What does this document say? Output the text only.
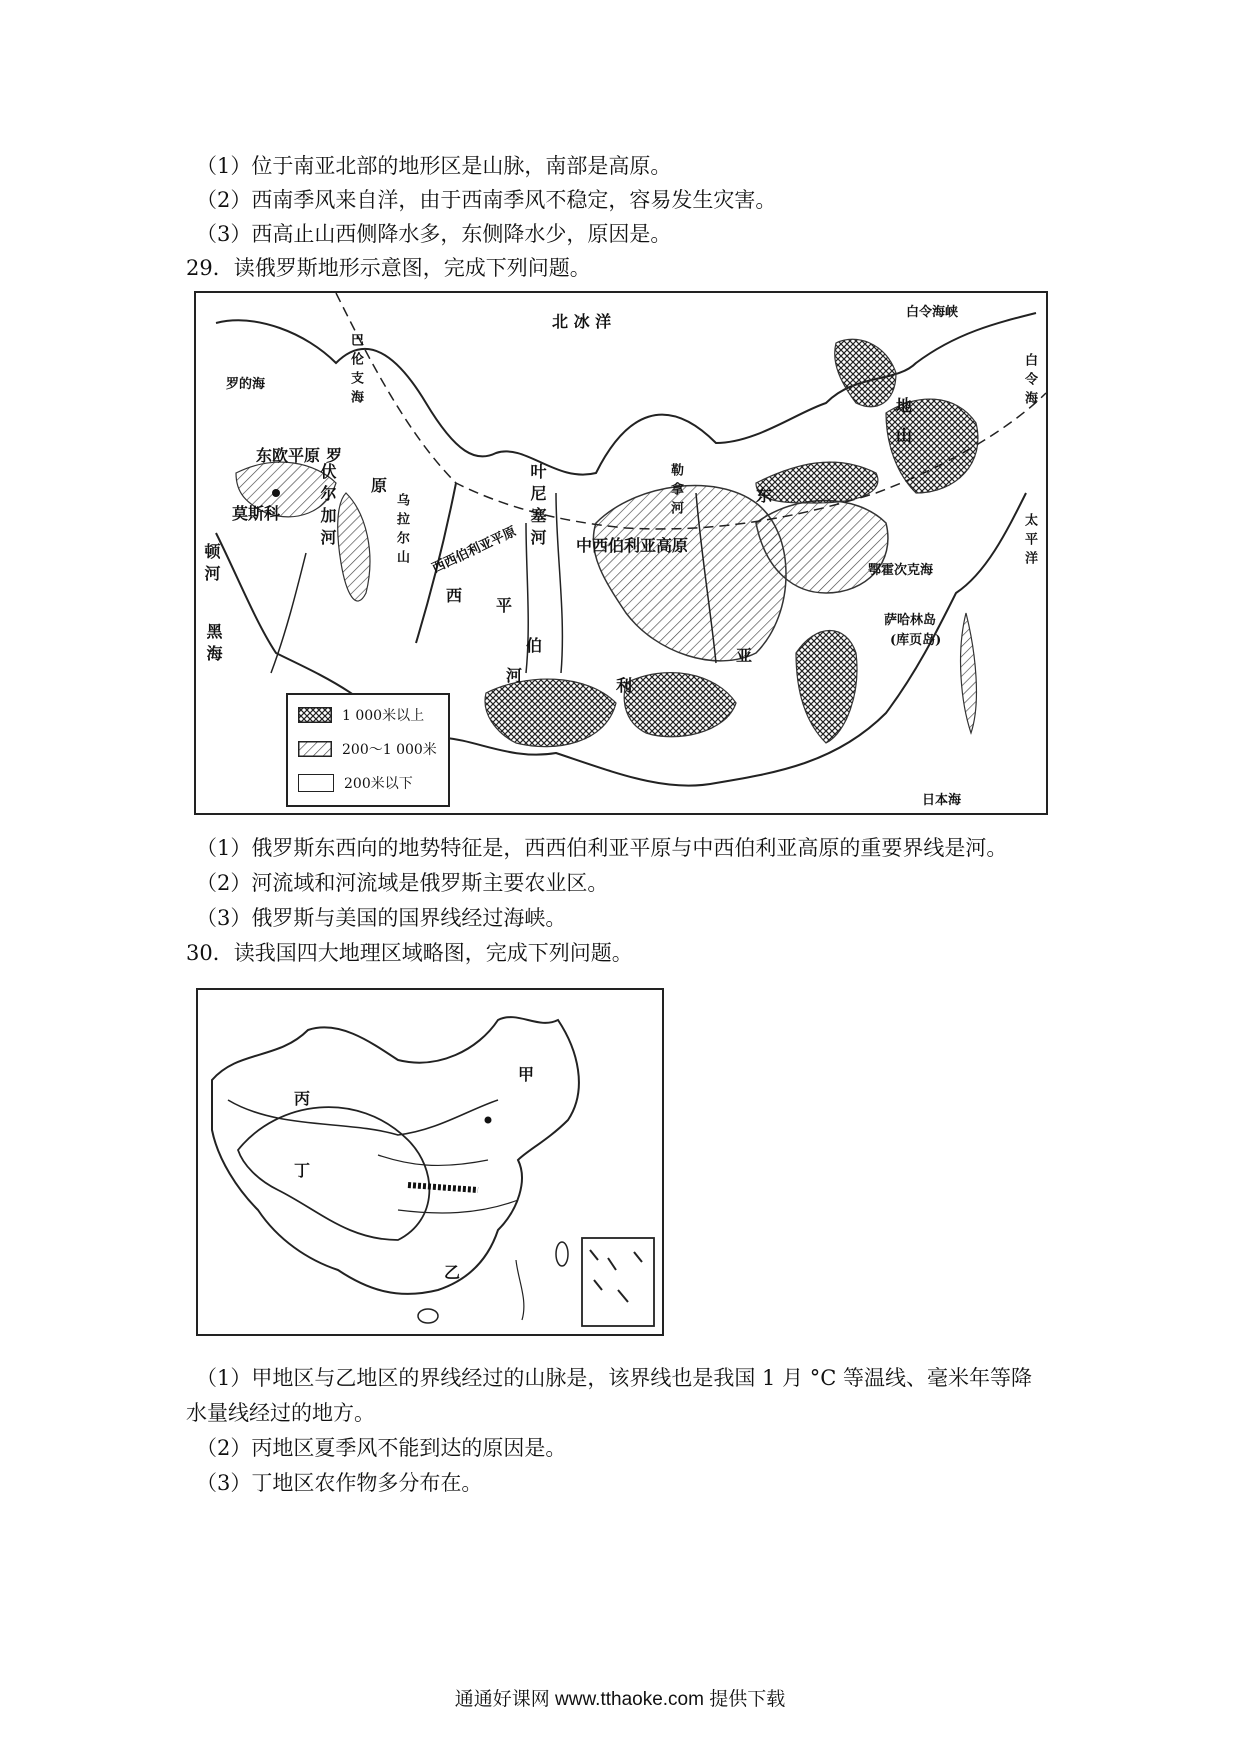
（1）位于南亚北部的地形区是山脉，南部是高原。
（2）西南季风来自洋，由于西南季风不稳定，容易发生灾害。
（3）西高止山西侧降水多，东侧降水少，原因是。
29．读俄罗斯地形示意图，完成下列问题。
北 冰 洋	白令海峡
白令海
罗的海	巴伦支海
东欧平原
莫斯科 伏尔加河
罗
原
乌拉尔山 西西伯利亚平原	中西伯利亚高原
叶尼塞河
西
平
河
伯
利
亚
东
勒拿河
地
山
鄂霍次克海
萨哈林岛
(库页岛)
日本海
太平洋
顿河
黑海
1 000米以上
200～1 000米
200米以下
（1）俄罗斯东西向的地势特征是，西西伯利亚平原与中西伯利亚高原的重要界线是河。
（2）河流域和河流域是俄罗斯主要农业区。
（3）俄罗斯与美国的国界线经过海峡。
30．读我国四大地理区域略图，完成下列问题。
甲
乙
丙
丁
（1）甲地区与乙地区的界线经过的山脉是，该界线也是我国 1 月 °C 等温线、毫米年等降
水量线经过的地方。
（2）丙地区夏季风不能到达的原因是。
（3）丁地区农作物多分布在。
通通好课网 www.tthaoke.com 提供下载
